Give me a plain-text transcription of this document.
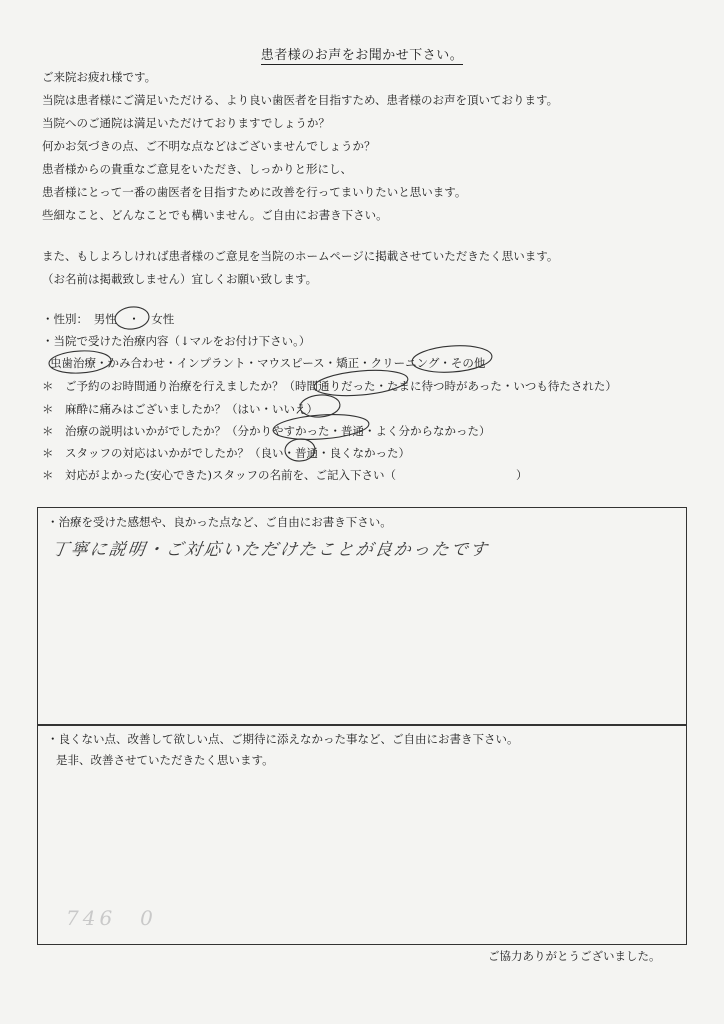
患者様のお声をお聞かせ下さい。
ご来院お疲れ様です。
当院は患者様にご満足いただける、より良い歯医者を目指すため、患者様のお声を頂いております。
当院へのご通院は満足いただけておりますでしょうか？
何かお気づきの点、ご不明な点などはございませんでしょうか？
患者様からの貴重なご意見をいただき、しっかりと形にし、
患者様にとって一番の歯医者を目指すために改善を行ってまいりたいと思います。
些細なこと、どんなことでも構いません。ご自由にお書き下さい。
また、もしよろしければ患者様のご意見を当院のホームページに掲載させていただきたく思います。
（お名前は掲載致しません）宜しくお願い致します。
・性別：　男性　・　女性
・当院で受けた治療内容（↓マルをお付け下さい。）
虫歯治療・かみ合わせ・インプラント・マウスピース・矯正・クリーニング・その他
＊　ご予約のお時間通り治療を行えましたか？（時間通りだった・たまに待つ時があった・いつも待たされた）
＊　麻酔に痛みはございましたか？（はい・いいえ）
＊　治療の説明はいかがでしたか？（分かりやすかった・普通・よく分からなかった）
＊　スタッフの対応はいかがでしたか？（良い・普通・良くなかった）
＊　対応がよかった(安心できた)スタッフの名前を、ご記入下さい（	）
・治療を受けた感想や、良かった点など、ご自由にお書き下さい。
丁寧に説明・ご対応いただけたことが良かったです
・良くない点、改善して欲しい点、ご期待に添えなかった事など、ご自由にお書き下さい。
是非、改善させていただきたく思います。
746　0
ご協力ありがとうございました。
